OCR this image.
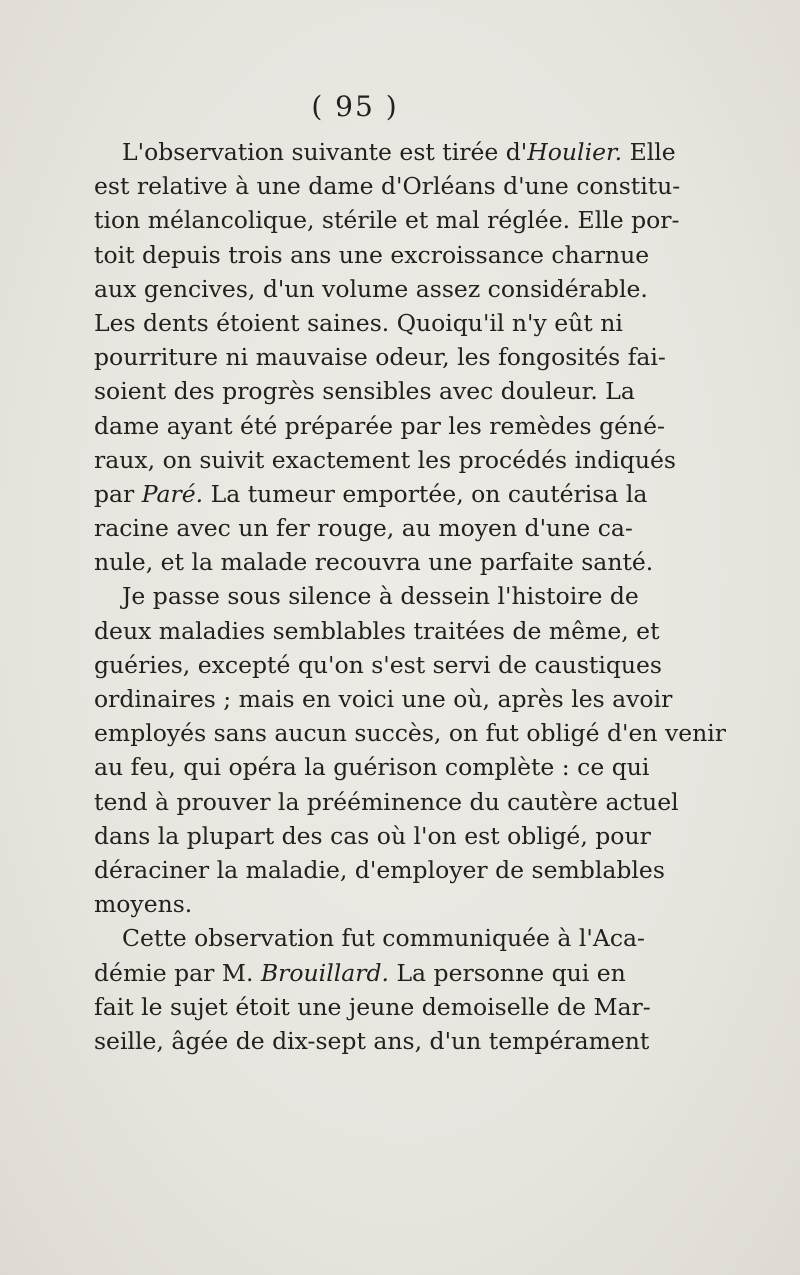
( 95 )
L'observation suivante est tirée d'Houlier. Elle
est relative à une dame d'Orléans d'une constitu-
tion mélancolique, stérile et mal réglée. Elle por-
toit depuis trois ans une excroissance charnue
aux gencives, d'un volume assez considérable.
Les dents étoient saines. Quoiqu'il n'y eût ni
pourriture ni mauvaise odeur, les fongosités fai-
soient des progrès sensibles avec douleur. La
dame ayant été préparée par les remèdes géné-
raux, on suivit exactement les procédés indiqués
par Paré. La tumeur emportée, on cautérisa la
racine avec un fer rouge, au moyen d'une ca-
nule, et la malade recouvra une parfaite santé.
Je passe sous silence à dessein l'histoire de
deux maladies semblables traitées de même, et
guéries, excepté qu'on s'est servi de caustiques
ordinaires ; mais en voici une où, après les avoir
employés sans aucun succès, on fut obligé d'en venir
au feu, qui opéra la guérison complète : ce qui
tend à prouver la prééminence du cautère actuel
dans la plupart des cas où l'on est obligé, pour
déraciner la maladie, d'employer de semblables
moyens.
Cette observation fut communiquée à l'Aca-
démie par M. Brouillard. La personne qui en
fait le sujet étoit une jeune demoiselle de Mar-
seille, âgée de dix-sept ans, d'un tempérament
